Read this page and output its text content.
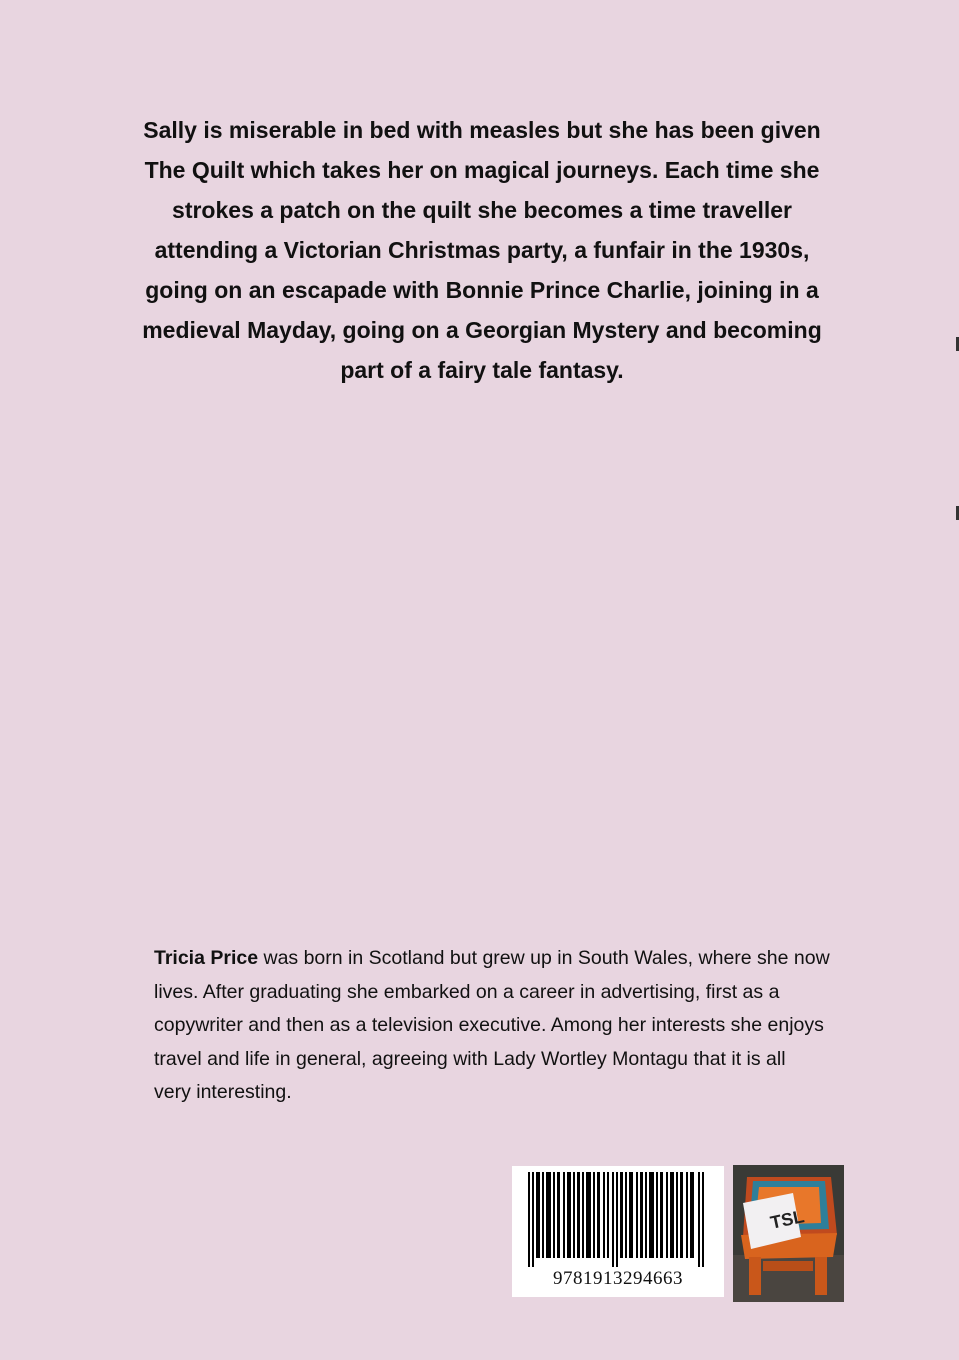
Sally is miserable in bed with measles but she has been given

The Quilt which takes her on magical journeys. Each time she

strokes a patch on the quilt she becomes a time traveller

attending a Victorian Christmas party, a funfair in the 1930s,

going on an escapade with Bonnie Prince Charlie, joining in a

medieval Mayday, going on a Georgian Mystery and becoming

part of a fairy tale fantasy.

Tricia Price was born in Scotland but grew up in South Wales, where she now

lives. After graduating she embarked on a career in advertising, first as a

copywriter and then as a television executive. Among her interests she enjoys

travel and life in general, agreeing with Lady Wortley Montagu that it is all

very interesting.

9781913294663
TSL
